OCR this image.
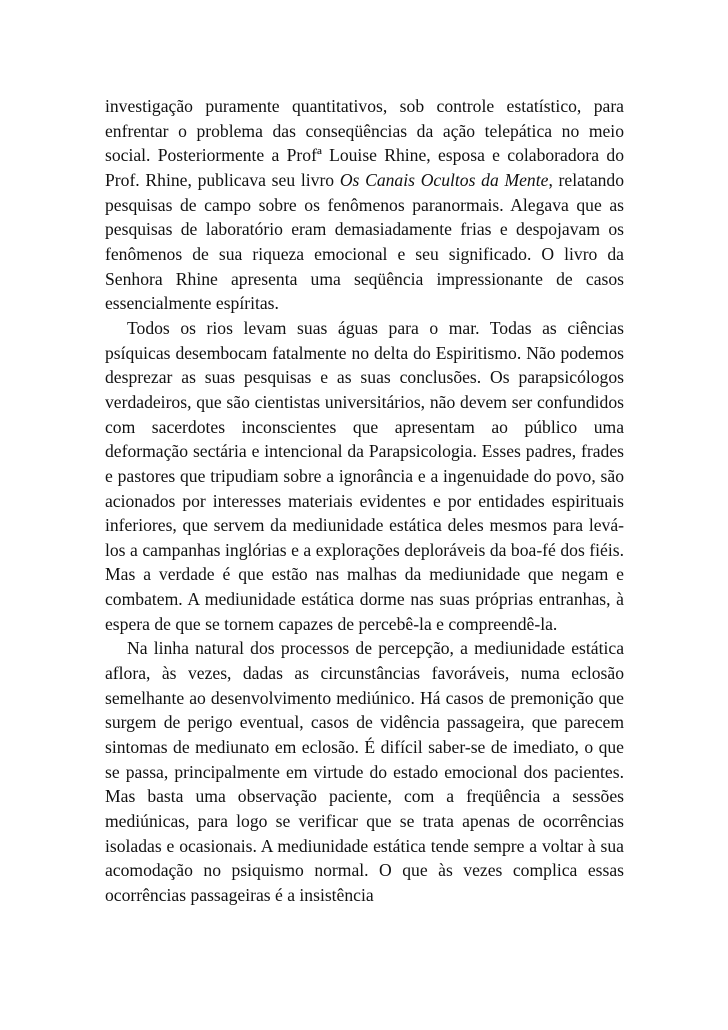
investigação puramente quantitativos, sob controle estatístico, para enfrentar o problema das conseqüências da ação telepática no meio social. Posteriormente a Profª Louise Rhine, esposa e colaboradora do Prof. Rhine, publicava seu livro Os Canais Ocultos da Mente, relatando pesquisas de campo sobre os fenômenos paranormais. Alegava que as pesquisas de laboratório eram demasiadamente frias e despojavam os fenômenos de sua riqueza emocional e seu significado. O livro da Senhora Rhine apresenta uma seqüência impressionante de casos essencialmente espíritas.

Todos os rios levam suas águas para o mar. Todas as ciências psíquicas desembocam fatalmente no delta do Espiritismo. Não podemos desprezar as suas pesquisas e as suas conclusões. Os parapsicólogos verdadeiros, que são cientistas universitários, não devem ser confundidos com sacerdotes inconscientes que apresentam ao público uma deformação sectária e intencional da Parapsicologia. Esses padres, frades e pastores que tripudiam sobre a ignorância e a ingenuidade do povo, são acionados por interesses materiais evidentes e por entidades espirituais inferiores, que servem da mediunidade estática deles mesmos para levá-los a campanhas inglórias e a explorações deploráveis da boa-fé dos fiéis. Mas a verdade é que estão nas malhas da mediunidade que negam e combatem. A mediunidade estática dorme nas suas próprias entranhas, à espera de que se tornem capazes de percebê-la e compreendê-la.

Na linha natural dos processos de percepção, a mediunidade estática aflora, às vezes, dadas as circunstâncias favoráveis, numa eclosão semelhante ao desenvolvimento mediúnico. Há casos de premonição que surgem de perigo eventual, casos de vidência passageira, que parecem sintomas de mediunato em eclosão. É difícil saber-se de imediato, o que se passa, principalmente em virtude do estado emocional dos pacientes. Mas basta uma observação paciente, com a freqüência a sessões mediúnicas, para logo se verificar que se trata apenas de ocorrências isoladas e ocasionais. A mediunidade estática tende sempre a voltar à sua acomodação no psiquismo normal. O que às vezes complica essas ocorrências passageiras é a insistência
